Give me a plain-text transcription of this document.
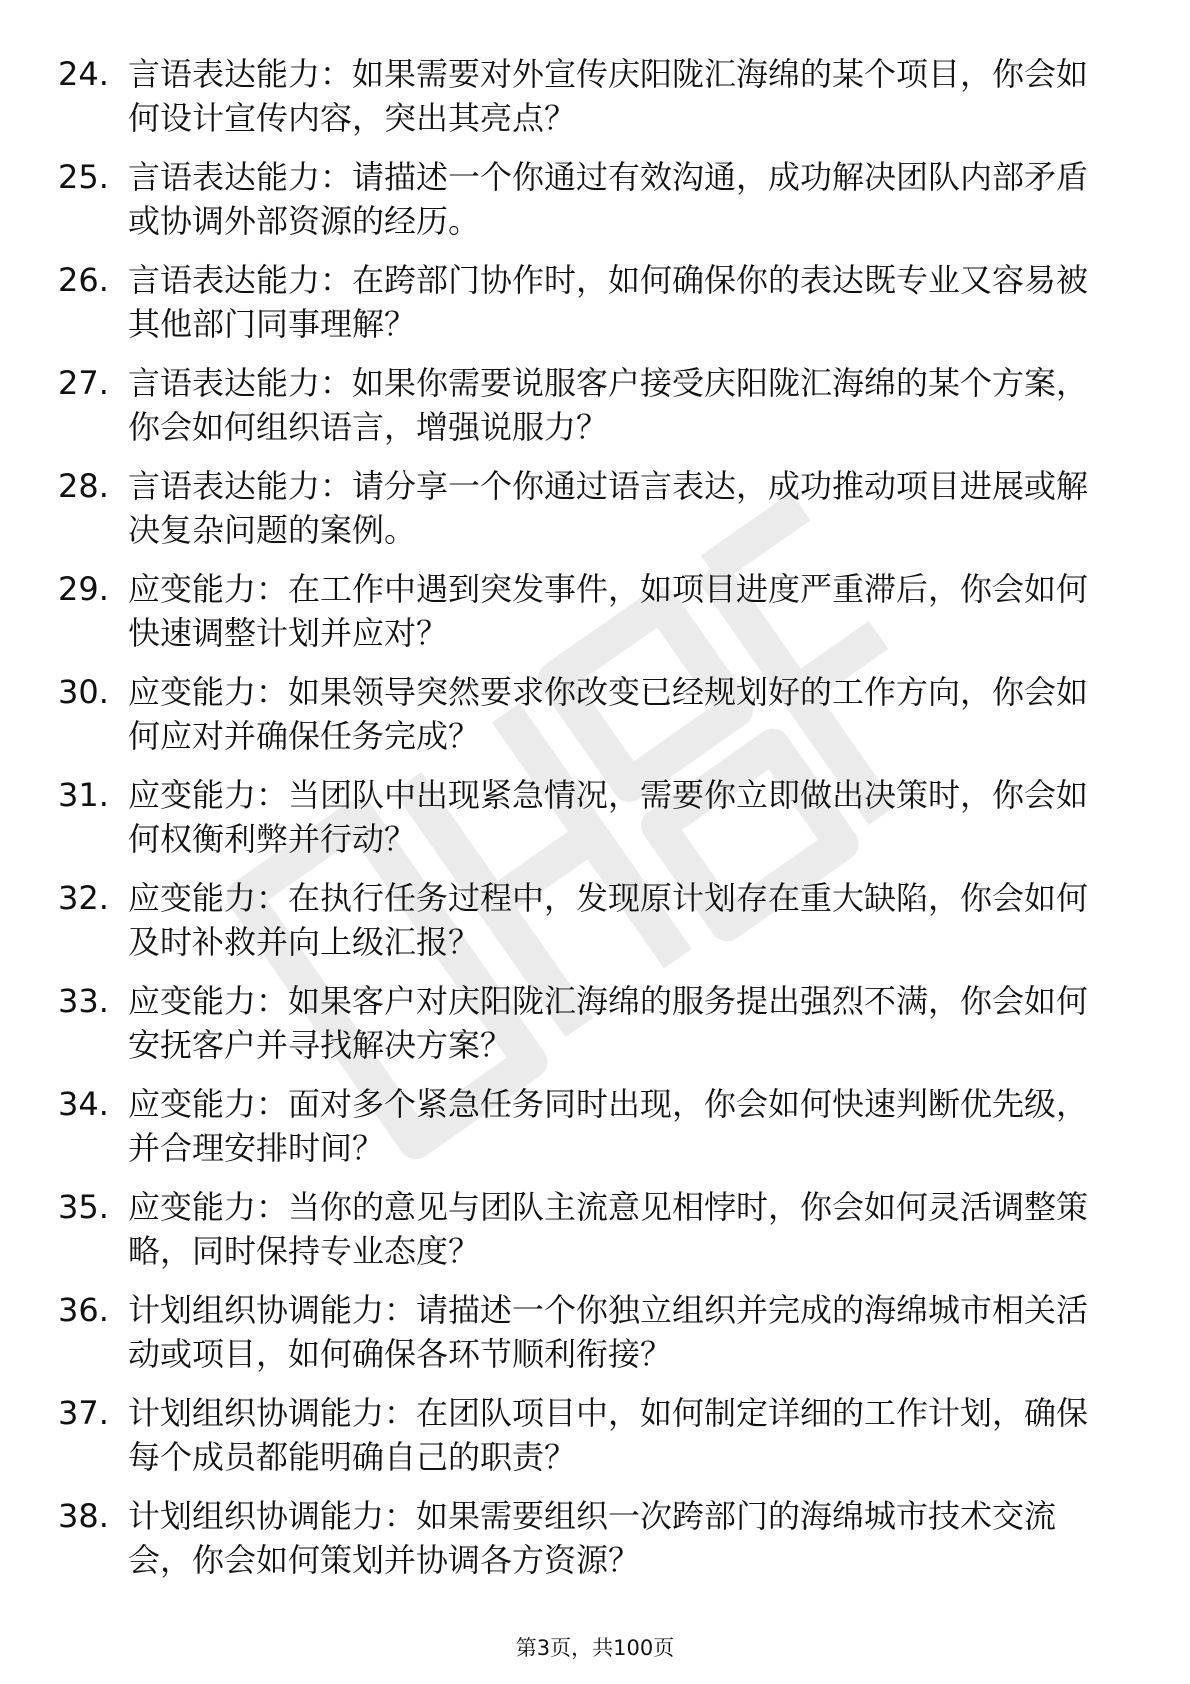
24. 言语表达能力：如果需要对外宣传庆阳陇汇海绵的某个项目，你会如何设计宣传内容，突出其亮点？
25. 言语表达能力：请描述一个你通过有效沟通，成功解决团队内部矛盾或协调外部资源的经历。
26. 言语表达能力：在跨部门协作时，如何确保你的表达既专业又容易被其他部门同事理解？
27. 言语表达能力：如果你需要说服客户接受庆阳陇汇海绵的某个方案，你会如何组织语言，增强说服力？
28. 言语表达能力：请分享一个你通过语言表达，成功推动项目进展或解决复杂问题的案例。
29. 应变能力：在工作中遇到突发事件，如项目进度严重滞后，你会如何快速调整计划并应对？
30. 应变能力：如果领导突然要求你改变已经规划好的工作方向，你会如何应对并确保任务完成？
31. 应变能力：当团队中出现紧急情况，需要你立即做出决策时，你会如何权衡利弊并行动？
32. 应变能力：在执行任务过程中，发现原计划存在重大缺陷，你会如何及时补救并向上级汇报？
33. 应变能力：如果客户对庆阳陇汇海绵的服务提出强烈不满，你会如何安抚客户并寻找解决方案？
34. 应变能力：面对多个紧急任务同时出现，你会如何快速判断优先级，并合理安排时间？
35. 应变能力：当你的意见与团队主流意见相悖时，你会如何灵活调整策略，同时保持专业态度？
36. 计划组织协调能力：请描述一个你独立组织并完成的海绵城市相关活动或项目，如何确保各环节顺利衔接？
37. 计划组织协调能力：在团队项目中，如何制定详细的工作计划，确保每个成员都能明确自己的职责？
38. 计划组织协调能力：如果需要组织一次跨部门的海绵城市技术交流会，你会如何策划并协调各方资源？
第3页，共100页
